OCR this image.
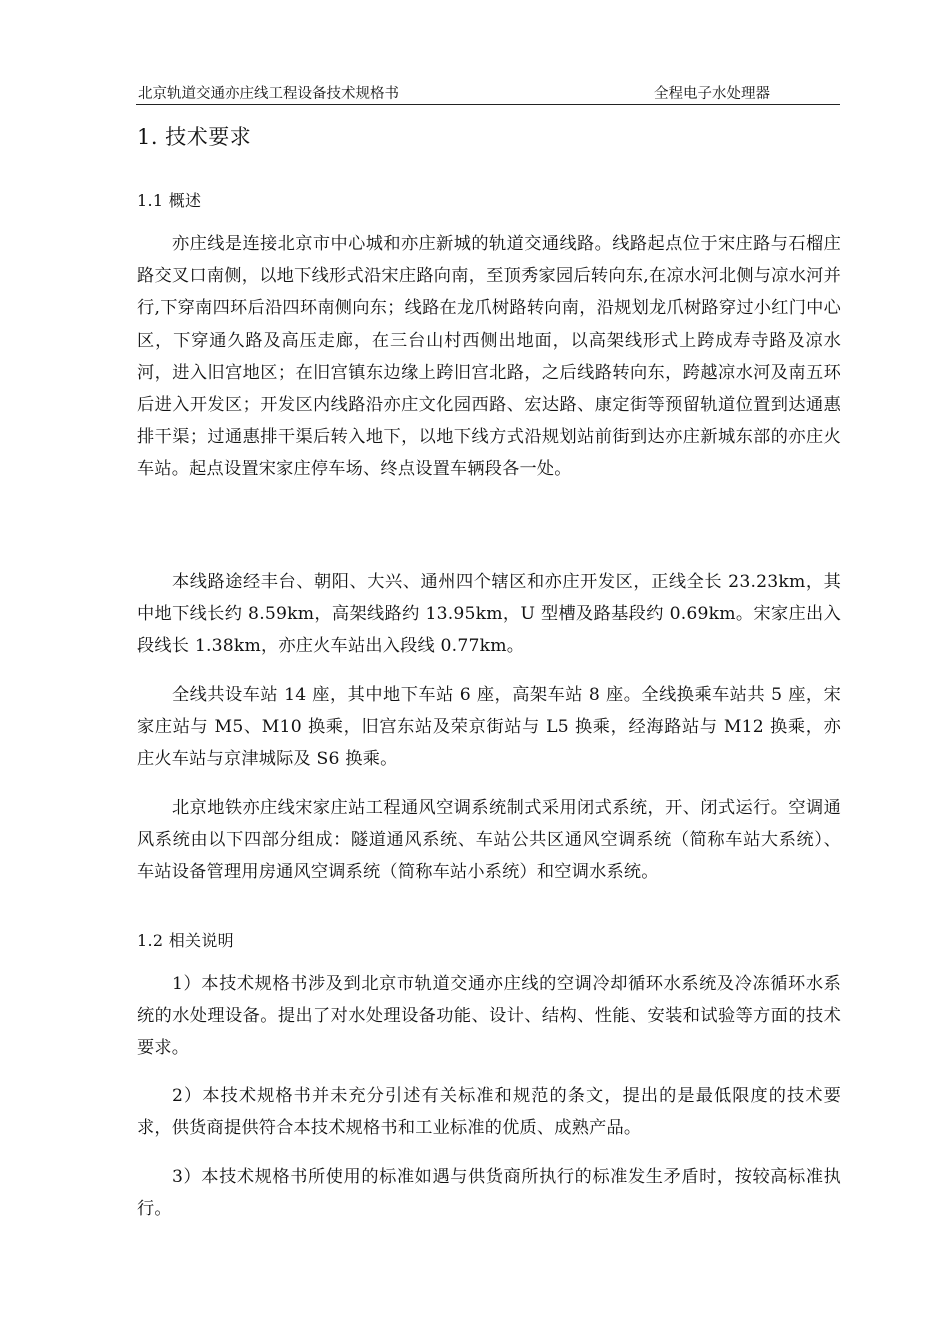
北京轨道交通亦庄线工程设备技术规格书	全程电子水处理器
1. 技术要求
1.1 概述

亦庄线是连接北京市中心城和亦庄新城的轨道交通线路。线路起点位于宋庄路与石榴庄路交叉口南侧，以地下线形式沿宋庄路向南，至顶秀家园后转向东,在凉水河北侧与凉水河并行,下穿南四环后沿四环南侧向东；线路在龙爪树路转向南，沿规划龙爪树路穿过小红门中心区，下穿通久路及高压走廊，在三台山村西侧出地面，以高架线形式上跨成寿寺路及凉水河，进入旧宫地区；在旧宫镇东边缘上跨旧宫北路，之后线路转向东，跨越凉水河及南五环后进入开发区；开发区内线路沿亦庄文化园西路、宏达路、康定街等预留轨道位置到达通惠排干渠；过通惠排干渠后转入地下，以地下线方式沿规划站前街到达亦庄新城东部的亦庄火车站。起点设置宋家庄停车场、终点设置车辆段各一处。

本线路途经丰台、朝阳、大兴、通州四个辖区和亦庄开发区，正线全长 23.23km，其中地下线长约 8.59km，高架线路约 13.95km，U 型槽及路基段约 0.69km。宋家庄出入段线长 1.38km，亦庄火车站出入段线 0.77km。

全线共设车站 14 座，其中地下车站 6 座，高架车站 8 座。全线换乘车站共 5 座，宋家庄站与 M5、M10 换乘，旧宫东站及荣京街站与 L5 换乘，经海路站与 M12 换乘，亦庄火车站与京津城际及 S6 换乘。

北京地铁亦庄线宋家庄站工程通风空调系统制式采用闭式系统，开、闭式运行。空调通风系统由以下四部分组成：隧道通风系统、车站公共区通风空调系统（简称车站大系统）、车站设备管理用房通风空调系统（简称车站小系统）和空调水系统。

1.2 相关说明

1）本技术规格书涉及到北京市轨道交通亦庄线的空调冷却循环水系统及冷冻循环水系统的水处理设备。提出了对水处理设备功能、设计、结构、性能、安装和试验等方面的技术要求。

2）本技术规格书并未充分引述有关标准和规范的条文，提出的是最低限度的技术要求，供货商提供符合本技术规格书和工业标准的优质、成熟产品。

3）本技术规格书所使用的标准如遇与供货商所执行的标准发生矛盾时，按较高标准执行。
